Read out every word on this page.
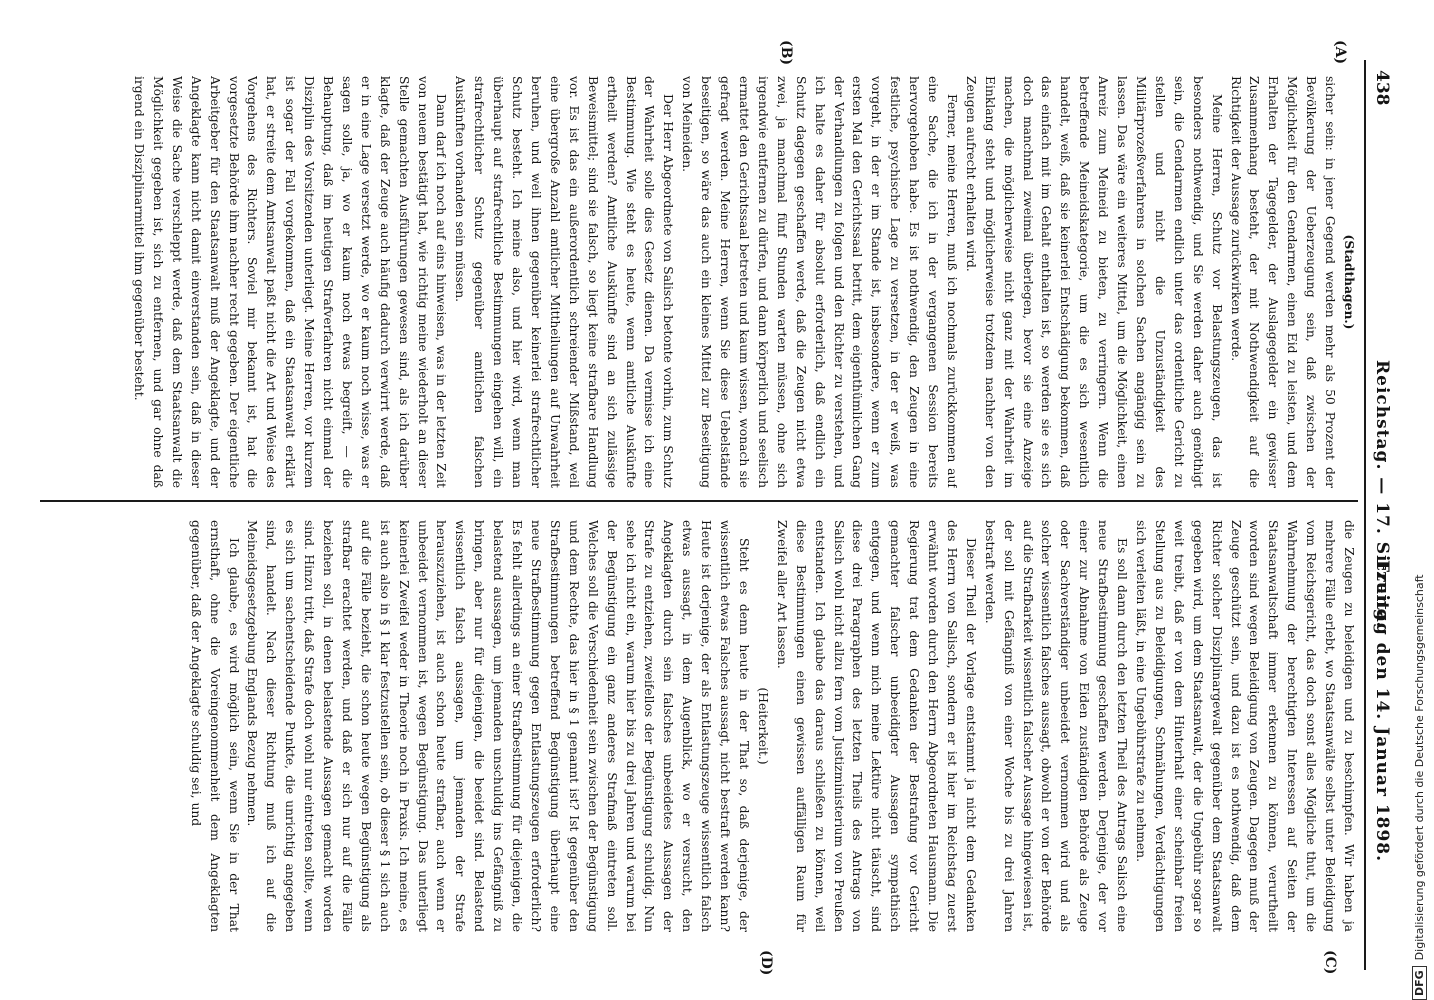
438
Reichstag. — 17. Sitzung.
Freitag den 14. Januar 1898.
(A)
(B)
(C)
(D)

(Stadthagen.)

sicher sein: in jener Gegend werden mehr als 50 Prozent der Bevölkerung der Ueberzeugung sein, daß zwischen der Möglichkeit für den Gendarmen, einen Eid zu leisten, und dem Erhalten der Tagegelder, der Auslagegelder ein gewisser Zusammenhang besteht, der mit Nothwendigkeit auf die Richtigkeit der Aussage zurückwirken werde.

Meine Herren, Schutz vor Belastungszeugen, das ist besonders nothwendig, und Sie werden daher auch genöthigt sein, die Gendarmen endlich unter das ordentliche Gericht zu stellen und nicht die Unzuständigkeit des Militärprozeßverfahrens in solchen Sachen angängig sein zu lassen. Das wäre ein weiteres Mittel, um die Möglichkeit, einen Anreiz zum Meineid zu bieten, zu verringern. Wenn die betreffende Meineidskategorie, um die es sich wesentlich handelt, weiß, daß sie keinerlei Entschädigung bekommen, daß das einfach mit im Gehalt enthalten ist, so werden sie es sich doch manchmal zweimal überlegen, bevor sie eine Anzeige machen, die möglicherweise nicht ganz mit der Wahrheit im Einklang steht und möglicherweise trotzdem nachher von den Zeugen aufrecht erhalten wird.

Ferner, meine Herren, muß ich nochmals zurückkommen auf eine Sache, die ich in der vergangenen Session bereits hervorgehoben habe. Es ist nothwendig, den Zeugen in eine festliche, psychische Lage zu versetzen, in der er weiß, was vorgeht, in der er im Stande ist, insbesondere, wenn er zum ersten Mal den Gerichtssaal betritt, dem eigenthümlichen Gang der Verhandlungen zu folgen und den Richter zu verstehen, und ich halte es daher für absolut erforderlich, daß endlich ein Schutz dagegen geschaffen werde, daß die Zeugen nicht etwa zwei, ja manchmal fünf Stunden warten müssen, ohne sich irgendwie entfernen zu dürfen, und dann körperlich und seelisch ermattet den Gerichtssaal betreten und kaum wissen, wonach sie gefragt werden. Meine Herren, wenn Sie diese Uebelstände beseitigen, so wäre das auch ein kleines Mittel zur Beseitigung von Meineiden.

Der Herr Abgeordnete von Salisch betonte vorhin, zum Schutz der Wahrheit solle dies Gesetz dienen. Da vermisse ich eine Bestimmung. Wie steht es heute, wenn amtliche Auskünfte ertheilt werden? Amtliche Auskünfte sind an sich zulässige Beweismittel; sind sie falsch, so liegt keine strafbare Handlung vor. Es ist das ein außerordentlich schreiender Mißstand, weil eine übergroße Anzahl amtlicher Mittheilungen auf Unwahrheit beruhen, und weil ihnen gegenüber keinerlei strafrechtlicher Schutz besteht. Ich meine also, und hier wird, wenn man überhaupt auf strafrechtliche Bestimmungen eingehen will, ein strafrechtlicher Schutz gegenüber amtlichen falschen Auskünften vorhanden sein müssen.

Dann darf ich noch auf eins hinweisen, was in der letzten Zeit von neuem bestätigt hat, wie richtig meine wiederholt an dieser Stelle gemachten Ausführungen gewesen sind, als ich darüber klagte, daß der Zeuge auch häufig dadurch verwirrt werde, daß er in eine Lage versetzt werde, wo er kaum noch wisse, was er sagen solle, ja, wo er kaum noch etwas begreift, — die Behauptung, daß im heutigen Strafverfahren nicht einmal der Disziplin des Vorsitzenden unterliegt. Meine Herren, vor kurzem ist sogar der Fall vorgekommen, daß ein Staatsanwalt erklärt hat, er streite dem Amtsanwalt paßt nicht die Art und Weise des Vorgehens des Richters. Soviel mir bekannt ist, hat die vorgesetzte Behörde ihm nachher recht gegeben. Der eigentliche Arbeitgeber für den Staatsanwalt muß der Angeklagte, und der Angeklagte kann nicht damit einverstanden sein, daß in dieser Weise die Sache verschleppt werde, daß dem Staatsanwalt die Möglichkeit gegeben ist, sich zu entfernen, und gar ohne daß irgend ein Disziplinarmittel ihm gegenüber besteht.

die Zeugen zu beleidigen und zu beschimpfen. Wir haben ja mehrere Fälle erlebt, wo Staatsanwälte selbst unter Beleidigung vom Reichsgericht, das doch sonst alles Mögliche thut, um die Wahrnehmung der berechtigten Interessen auf Seiten der Staatsanwaltschaft immer erkennen zu können, verurtheilt worden sind wegen Beleidigung von Zeugen. Dagegen muß der Zeuge geschützt sein, und dazu ist es nothwendig, daß dem Richter solcher Disziplinargewalt gegenüber dem Staatsanwalt gegeben wird, um dem Staatsanwalt, der die Ungebühr sogar so weit treibt, daß er von dem Hinterhalt einer scheinbar freien Stellung aus zu Beleidigungen, Schmähungen, Verdächtigungen sich verleiten läßt, in eine Ungebührstrafe zu nehmen.

Es soll dann durch den letzten Theil des Antrags Salisch eine neue Strafbestimmung geschaffen werden. Derjenige, der vor einer zur Abnahme von Eiden zuständigen Behörde als Zeuge oder Sachverständiger unbeeidet vernommen wird und als solcher wissentlich falsches aussagt, obwohl er von der Behörde auf die Strafbarkeit wissentlich falscher Aussage hingewiesen ist, der soll mit Gefängniß von einer Woche bis zu drei Jahren bestraft werden.

Dieser Theil der Vorlage entstammt ja nicht dem Gedanken des Herrn von Salisch, sondern er ist hier im Reichstag zuerst erwähnt worden durch den Herrn Abgeordneten Hausmann. Die Regierung trat dem Gedanken der Bestrafung vor Gericht gemachter falscher unbeeidigter Aussagen sympathisch entgegen, und wenn mich meine Lektüre nicht täuscht, sind diese drei Paragraphen des letzten Theils des Antrags von Salisch wohl nicht allzu fern vom Justizministerium von Preußen entstanden. Ich glaube das daraus schließen zu können, weil diese Bestimmungen einen gewissen auffälligen Raum für Zweifel aller Art lassen.

(Heiterkeit.)

Steht es denn heute in der That so, daß derjenige, der wissentlich etwas Falsches aussagt, nicht bestraft werden kann? Heute ist derjenige, der als Entlastungszeuge wissentlich falsch etwas aussagt, in dem Augenblick, wo er versucht, den Angeklagten durch sein falsches unbeeidetes Aussagen der Strafe zu entziehen, zweifellos der Begünstigung schuldig. Nun sehe ich nicht ein, warum hier bis zu drei Jahren und warum bei der Begünstigung ein ganz anderes Strafmaß eintreten soll. Welches soll die Verschiedenheit sein zwischen der Begünstigung und dem Rechte, das hier in § 1 genannt ist? Ist gegenüber den Strafbestimmungen betreffend Begünstigung überhaupt eine neue Strafbestimmung gegen Entlastungszeugen erforderlich? Es fehlt allerdings an einer Strafbestimmung für diejenigen, die belastend aussagen, um jemanden unschuldig ins Gefängniß zu bringen, aber nur für diejenigen, die beeidet sind. Belastend wissentlich falsch aussagen, um jemanden der Strafe herauszuziehen, ist auch schon heute strafbar, auch wenn er unbeeidet vernommen ist, wegen Begünstigung. Das unterliegt keinerlei Zweifel weder in Theorie noch in Praxis. Ich meine, es ist auch also in § 1 klar festzustellen sein, ob dieser § 1 sich auch auf die Fälle bezieht, die schon heute wegen Begünstigung als strafbar erachtet werden, und daß er sich nur auf die Fälle beziehen soll, in denen belastende Aussagen gemacht worden sind. Hinzu tritt, daß Strafe doch wohl nur eintreten sollte, wenn es sich um sachentscheidende Punkte, die unrichtig angegeben sind, handelt. Nach dieser Richtung muß ich auf die Meineidsgesetzgebung Englands Bezug nehmen.

Ich glaube, es wird möglich sein, wenn Sie in der That ernsthaft, ohne die Voreingenommenheit dem Angeklagten gegenüber, daß der Angeklagte schuldig sei, und

DFGDigitalisierung gefördert durch die Deutsche Forschungsgemeinschaft
